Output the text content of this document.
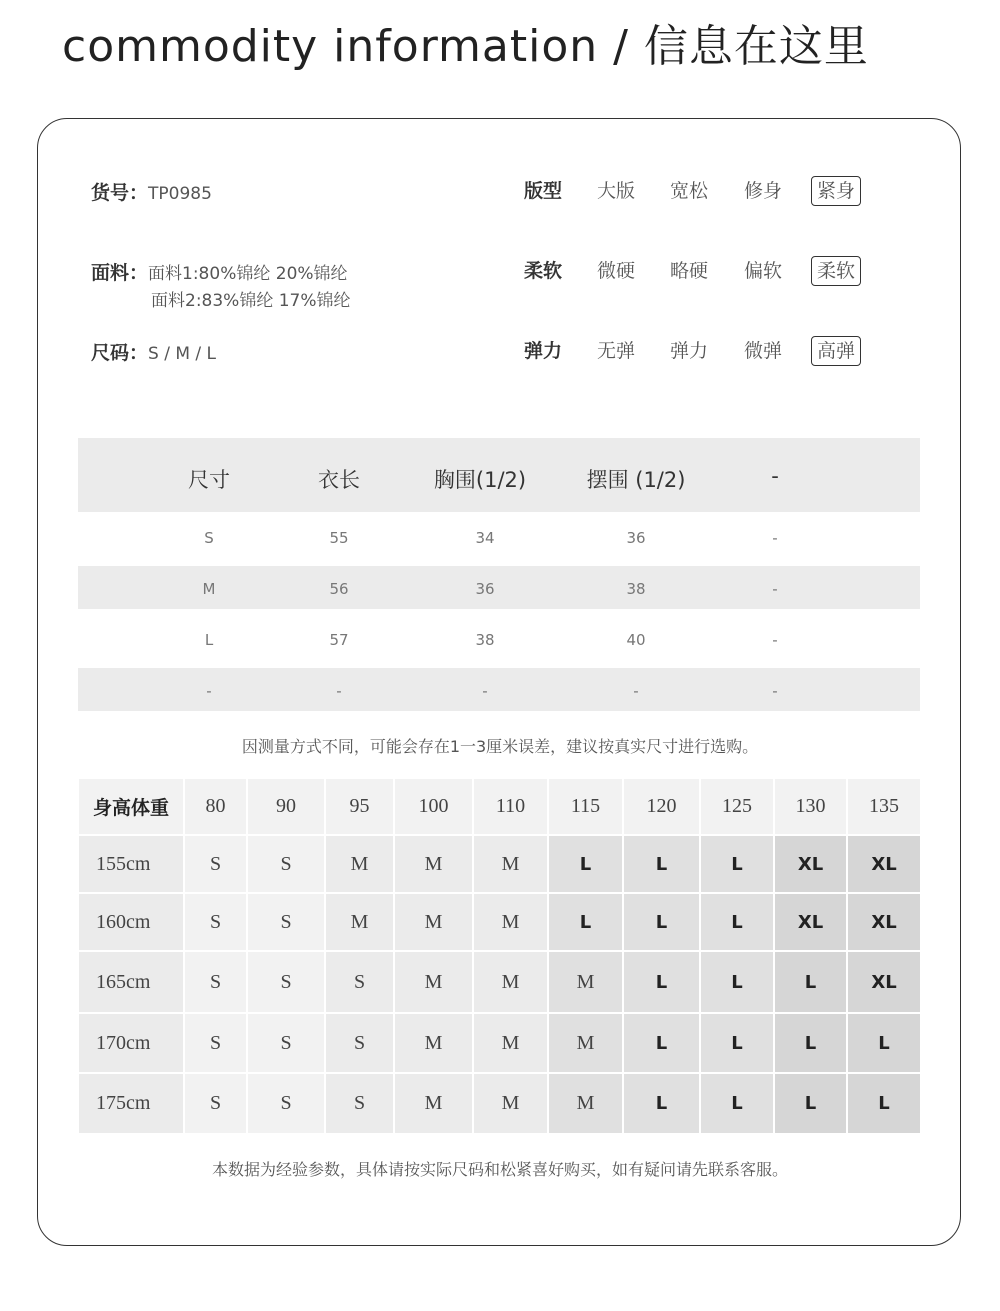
commodity information / 信息在这里
货号：TP0985
面料：面料1:80%锦纶 20%锦纶
面料2:83%锦纶 17%锦纶
尺码：S / M / L
版型 大版 宽松 修身	紧身
柔软 微硬 略硬 偏软	柔软
弹力 无弹 弹力 微弹	高弹
尺寸	衣长	胸围(1/2)	摆围 (1/2)	-
S	55	34	36	-
M	56	36	38	-
L	57	38	40	-
-	-	-	-	-
因测量方式不同，可能会存在1一3厘米误差，建议按真实尺寸进行选购。
身高体重	80	90	95	100	110	115	120	125	130	135
155cm	S	S	M	M	M	L	L	L	XL	XL
160cm	S	S	M	M	M	L	L	L	XL	XL
165cm	S	S	S	M	M	M	L	L	L	XL
170cm	S	S	S	M	M	M	L	L	L	L
175cm	S	S	S	M	M	M	L	L	L	L
本数据为经验参数，具体请按实际尺码和松紧喜好购买，如有疑问请先联系客服。
